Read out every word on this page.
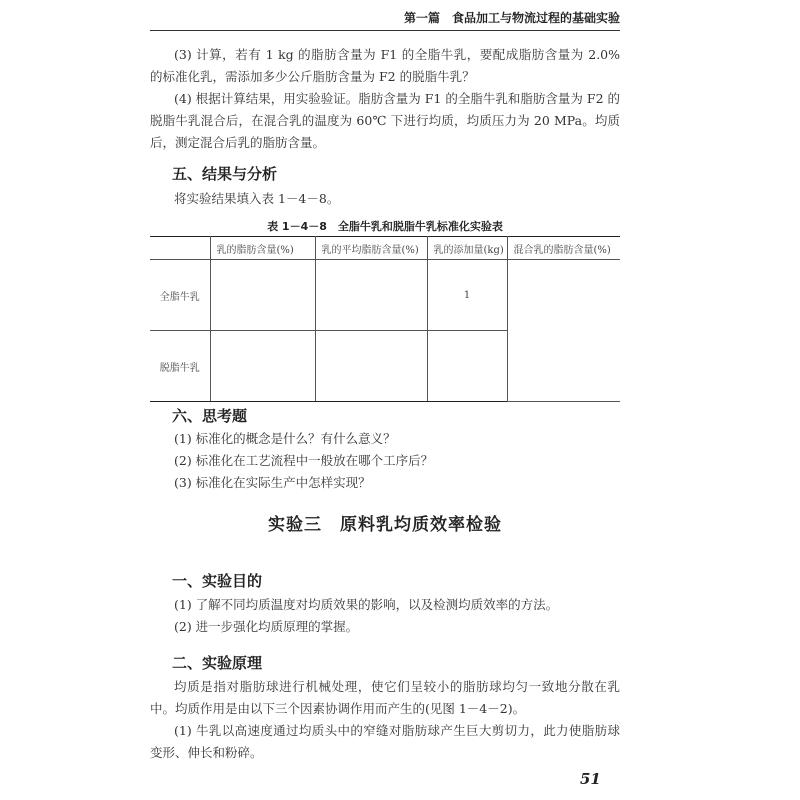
第一篇　食品加工与物流过程的基础实验

(3) 计算，若有 1 kg 的脂肪含量为 F1 的全脂牛乳，要配成脂肪含量为 2.0% 的标准化乳，需添加多少公斤脂肪含量为 F2 的脱脂牛乳？

(4) 根据计算结果，用实验验证。脂肪含量为 F1 的全脂牛乳和脂肪含量为 F2 的脱脂牛乳混合后，在混合乳的温度为 60℃ 下进行均质，均质压力为 20 MPa。均质后，测定混合后乳的脂肪含量。

五、结果与分析

将实验结果填入表 1－4－8。

表 1－4－8　全脂牛乳和脱脂牛乳标准化实验表
	乳的脂肪含量(%)	乳的平均脂肪含量(%)	乳的添加量(kg)	混合乳的脂肪含量(%)
全脂牛乳			1	
脱脂牛乳				
六、思考题

(1) 标准化的概念是什么？有什么意义？

(2) 标准化在工艺流程中一般放在哪个工序后？

(3) 标准化在实际生产中怎样实现？

实验三　原料乳均质效率检验
一、实验目的

(1) 了解不同均质温度对均质效果的影响，以及检测均质效率的方法。

(2) 进一步强化均质原理的掌握。

二、实验原理

均质是指对脂肪球进行机械处理，使它们呈较小的脂肪球均匀一致地分散在乳中。均质作用是由以下三个因素协调作用而产生的(见图 1－4－2)。

(1) 牛乳以高速度通过均质头中的窄缝对脂肪球产生巨大剪切力，此力使脂肪球变形、伸长和粉碎。

51
